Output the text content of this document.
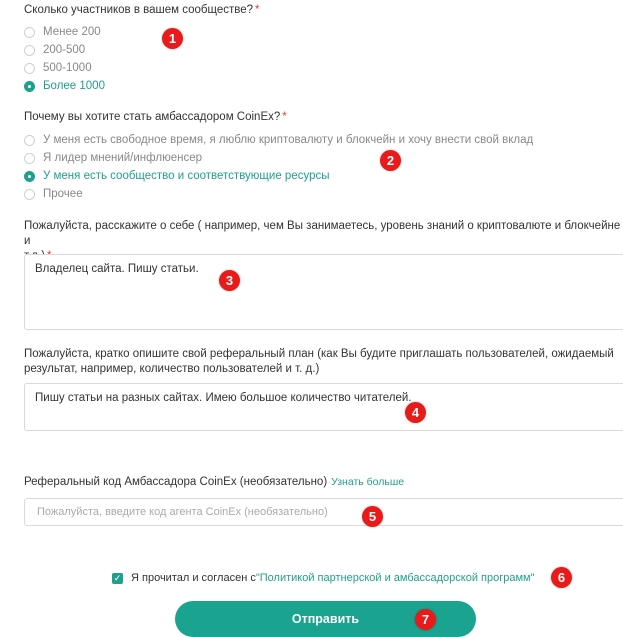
Сколько участников в вашем сообществе? *
Менее 200
200-500
500-1000
Более 1000
Почему вы хотите стать амбассадором CoinEx? *
У меня есть свободное время, я люблю криптовалюту и блокчейн и хочу внести свой вклад
Я лидер мнений/инфлюенсер
У меня есть сообщество и соответствующие ресурсы
Прочее
Пожалуйста, расскажите о себе ( например, чем Вы занимаетесь, уровень знаний о криптовалюте и блокчейне и
Владелец сайта. Пишу статьи.
Пожалуйста, кратко опишите свой реферальный план (как Вы будите приглашать пользователей, ожидаемый
результат, например, количество пользователей и т. д.)
Пишу статьи на разных сайтах. Имею большое количество читателей.
Реферальный код Амбассадора CoinEx (необязательно) Узнать больше
Пожалуйста, введите код агента CoinEx (необязательно)
✓ Я прочитал и согласен с "Политикой партнерской и амбассадорской программ"
Отправить
1
2
3
4
5
6
7
